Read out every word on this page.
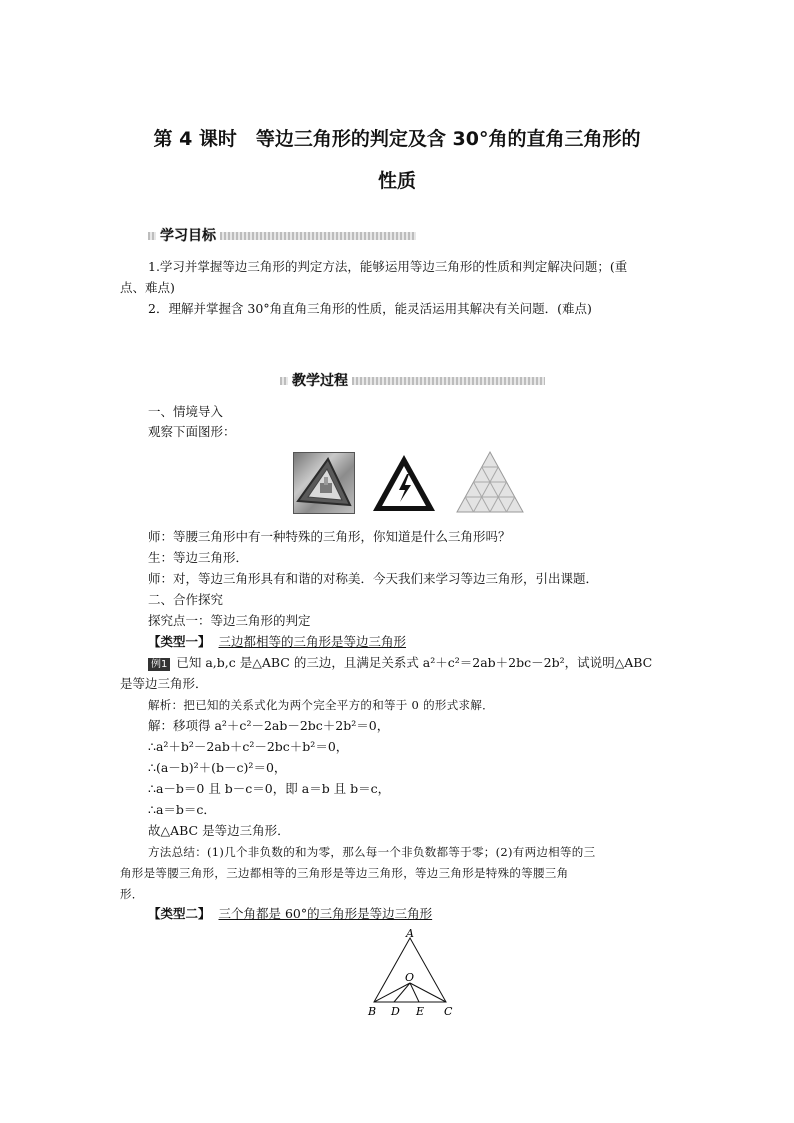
第 4 课时　等边三角形的判定及含 30°角的直角三角形的
性质
学习目标
1.学习并掌握等边三角形的判定方法，能够运用等边三角形的性质和判定解决问题；(重
点、难点)
2．理解并掌握含 30°角直角三角形的性质，能灵活运用其解决有关问题．(难点)
教学过程
一、情境导入
观察下面图形：
师：等腰三角形中有一种特殊的三角形，你知道是什么三角形吗？
生：等边三角形．
师：对，等边三角形具有和谐的对称美．今天我们来学习等边三角形，引出课题．
二、合作探究
探究点一：等边三角形的判定
【类型一】 三边都相等的三角形是等边三角形
例1 已知 a,b,c 是△ABC 的三边，且满足关系式 a²＋c²＝2ab＋2bc－2b²，试说明△ABC
是等边三角形．
解析：把已知的关系式化为两个完全平方的和等于 0 的形式求解．
解：移项得 a²＋c²－2ab－2bc＋2b²＝0，
∴a²＋b²－2ab＋c²－2bc＋b²＝0，
∴(a－b)²＋(b－c)²＝0，
∴a－b＝0 且 b－c＝0，即 a＝b 且 b＝c，
∴a＝b＝c．
故△ABC 是等边三角形．
方法总结：(1)几个非负数的和为零，那么每一个非负数都等于零；(2)有两边相等的三
角形是等腰三角形，三边都相等的三角形是等边三角形，等边三角形是特殊的等腰三角
形．
【类型二】 三个角都是 60°的三角形是等边三角形
A
O
B D E C
